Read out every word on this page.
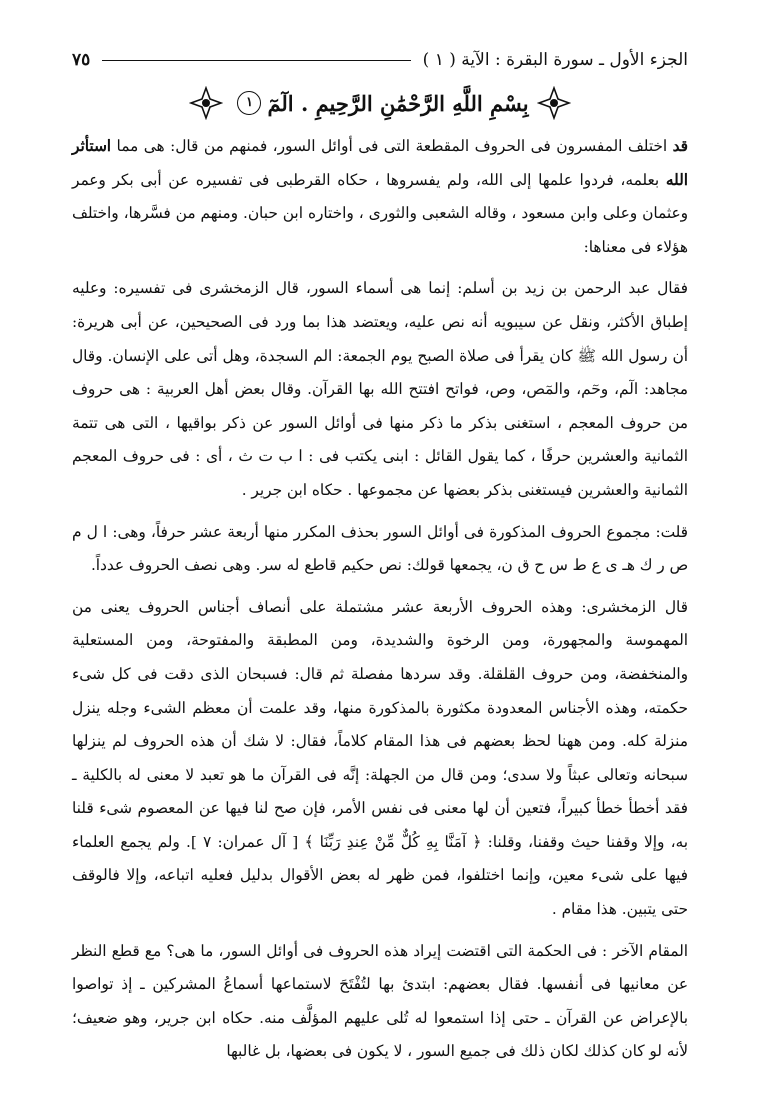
الجزء الأول ـ سورة البقرة : الآية ( ١ )
٧٥
بِسْمِ اللَّهِ الرَّحْمَٰنِ الرَّحِيمِ . الٓمٓ
١

قد اختلف المفسرون فى الحروف المقطعة التى فى أوائل السور، فمنهم من قال: هى مما استأثر الله بعلمه، فردوا علمها إلى الله، ولم يفسروها ، حكاه القرطبى فى تفسيره عن أبى بكر وعمر وعثمان وعلى وابن مسعود ، وقاله الشعبى والثورى ، واختاره ابن حبان. ومنهم من فسَّرها، واختلف هؤلاء فى معناها:

فقال عبد الرحمن بن زيد بن أسلم: إنما هى أسماء السور، قال الزمخشرى فى تفسيره: وعليه إطباق الأكثر، ونقل عن سيبويه أنه نص عليه، ويعتضد هذا بما ورد فى الصحيحين، عن أبى هريرة: أن رسول الله ﷺ كان يقرأ فى صلاة الصبح يوم الجمعة: الم السجدة، وهل أتى على الإنسان. وقال مجاهد: الٓم، وحٓم، والمٓص، وص، فواتح افتتح الله بها القرآن. وقال بعض أهل العربية : هى حروف من حروف المعجم ، استغنى بذكر ما ذكر منها فى أوائل السور عن ذكر بواقيها ، التى هى تتمة الثمانية والعشرين حرفًا ، كما يقول القائل : ابنى يكتب فى : ا ب ت ث ، أى : فى حروف المعجم الثمانية والعشرين فيستغنى بذكر بعضها عن مجموعها . حكاه ابن جرير .

قلت: مجموع الحروف المذكورة فى أوائل السور بحذف المكرر منها أربعة عشر حرفاً، وهى: ا ل م ص ر ك هـ ى ع ط س ح ق ن، يجمعها قولك: نص حكيم قاطع له سر. وهى نصف الحروف عدداً.

قال الزمخشرى: وهذه الحروف الأربعة عشر مشتملة على أنصاف أجناس الحروف يعنى من المهموسة والمجهورة، ومن الرخوة والشديدة، ومن المطبقة والمفتوحة، ومن المستعلية والمنخفضة، ومن حروف القلقلة. وقد سردها مفصلة ثم قال: فسبحان الذى دقت فى كل شىء حكمته، وهذه الأجناس المعدودة مكثورة بالمذكورة منها، وقد علمت أن معظم الشىء وجله ينزل منزلة كله. ومن ههنا لحظ بعضهم فى هذا المقام كلاماً، فقال: لا شك أن هذه الحروف لم ينزلها سبحانه وتعالى عبثاً ولا سدى؛ ومن قال من الجهلة: إنَّه فى القرآن ما هو تعبد لا معنى له بالكلية ـ فقد أخطأ خطأ كبيراً، فتعين أن لها معنى فى نفس الأمر، فإن صح لنا فيها عن المعصوم شىء قلنا به، وإلا وقفنا حيث وقفنا، وقلنا: ﴿ آمَنَّا بِهِ كُلٌّ مِّنْ عِندِ رَبِّنَا ﴾ [ آل عمران: ٧ ]. ولم يجمع العلماء فيها على شىء معين، وإنما اختلفوا، فمن ظهر له بعض الأقوال بدليل فعليه اتباعه، وإلا فالوقف حتى يتبين. هذا مقام .

المقام الآخر : فى الحكمة التى اقتضت إيراد هذه الحروف فى أوائل السور، ما هى؟ مع قطع النظر عن معانيها فى أنفسها. فقال بعضهم: ابتدئ بها لتُفْتَحَ لاستماعها أسماعُ المشركين ـ إذ تواصوا بالإعراض عن القرآن ـ حتى إذا استمعوا له تُلى عليهم المؤلَّف منه. حكاه ابن جرير، وهو ضعيف؛ لأنه لو كان كذلك لكان ذلك فى جميع السور ، لا يكون فى بعضها، بل غالبها
